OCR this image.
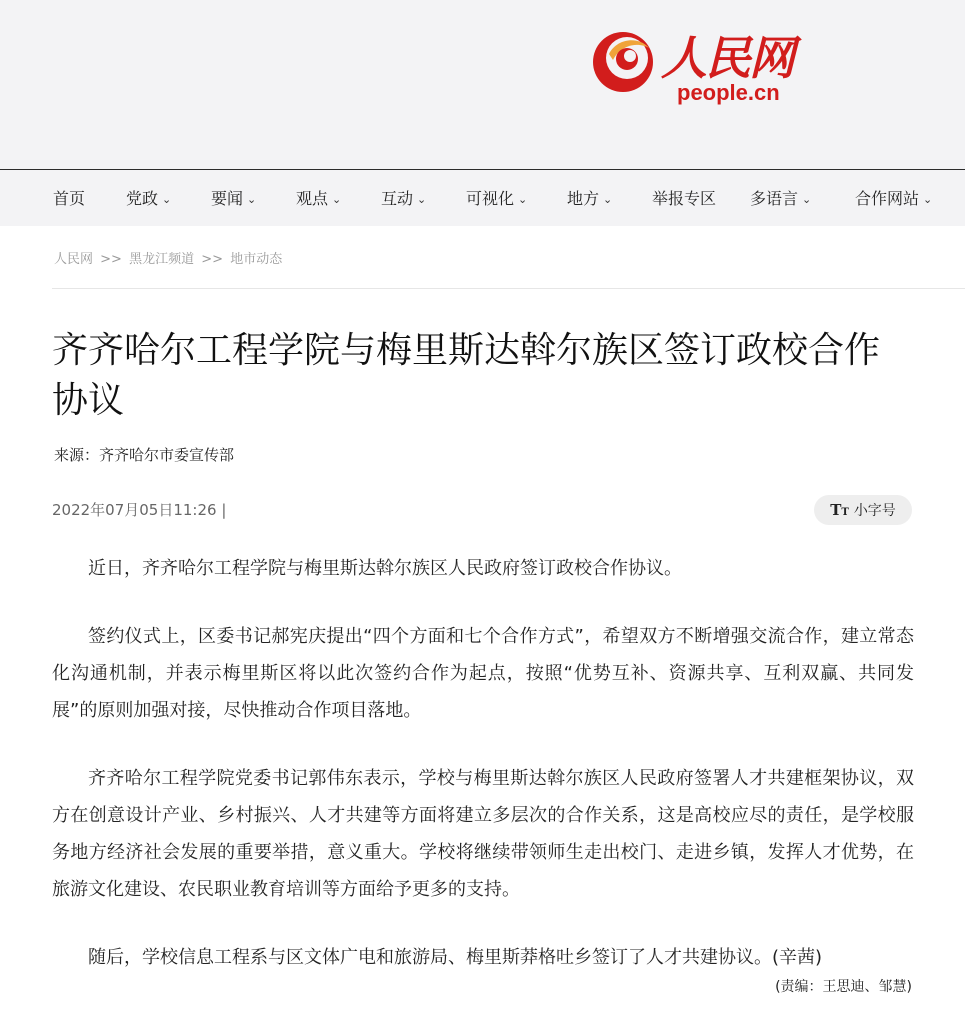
人民网
people.cn
首页	党政 ⌄ 要闻 ⌄ 观点 ⌄ 互动 ⌄ 可视化 ⌄ 地方 ⌄ 举报专区 多语言 ⌄	合作网站 ⌄
人民网 >> 黑龙江频道 >> 地市动态
齐齐哈尔工程学院与梅里斯达斡尔族区签订政校合作协议
来源：齐齐哈尔市委宣传部
2022年07月05日11:26 |	TT 小字号

近日，齐齐哈尔工程学院与梅里斯达斡尔族区人民政府签订政校合作协议。

签约仪式上，区委书记郝宪庆提出“四个方面和七个合作方式”，希望双方不断增强交流合作，建立常态化沟通机制，并表示梅里斯区将以此次签约合作为起点，按照“优势互补、资源共享、互利双赢、共同发展”的原则加强对接，尽快推动合作项目落地。

齐齐哈尔工程学院党委书记郭伟东表示，学校与梅里斯达斡尔族区人民政府签署人才共建框架协议，双方在创意设计产业、乡村振兴、人才共建等方面将建立多层次的合作关系，这是高校应尽的责任，是学校服务地方经济社会发展的重要举措，意义重大。学校将继续带领师生走出校门、走进乡镇，发挥人才优势，在旅游文化建设、农民职业教育培训等方面给予更多的支持。

随后，学校信息工程系与区文体广电和旅游局、梅里斯莽格吐乡签订了人才共建协议。(辛茜)

(责编：王思迪、邹慧)
